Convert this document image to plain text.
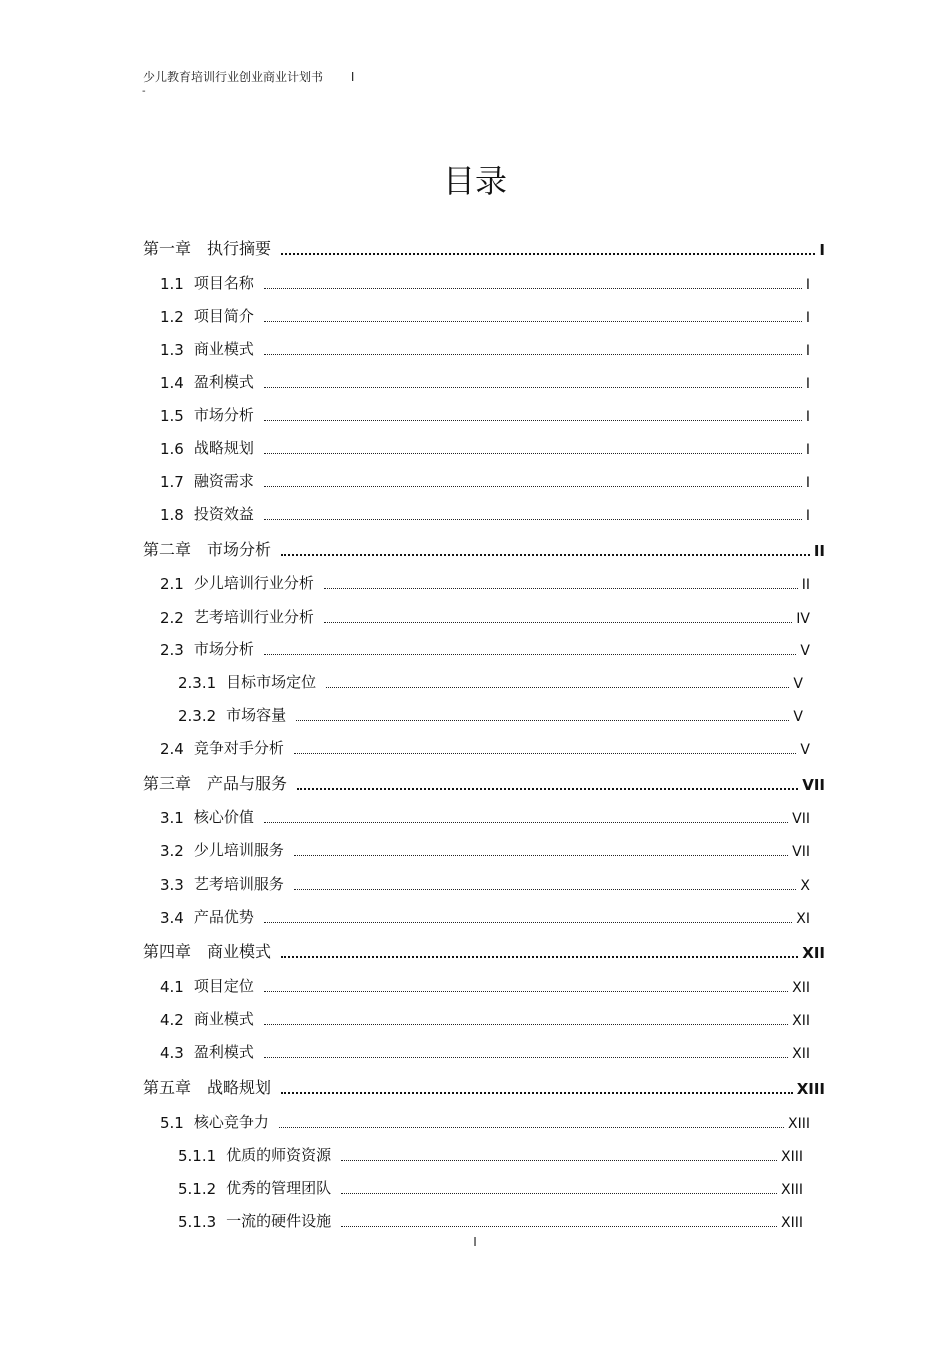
少儿教育培训行业创业商业计划书 I
-
目录
第一章 执行摘要	I
1.1 项目名称	I
1.2 项目简介	I
1.3 商业模式	I
1.4 盈利模式	I
1.5 市场分析	I
1.6 战略规划	I
1.7 融资需求	I
1.8 投资效益	I
第二章 市场分析	II
2.1 少儿培训行业分析	II
2.2 艺考培训行业分析	IV
2.3 市场分析	V
2.3.1 目标市场定位	V
2.3.2 市场容量	V
2.4 竞争对手分析	V
第三章 产品与服务	VII
3.1 核心价值	VII
3.2 少儿培训服务	VII
3.3 艺考培训服务	X
3.4 产品优势	XI
第四章 商业模式	XII
4.1 项目定位	XII
4.2 商业模式	XII
4.3 盈利模式	XII
第五章 战略规划	XIII
5.1 核心竞争力	XIII
5.1.1 优质的师资资源	XIII
5.1.2 优秀的管理团队	XIII
5.1.3 一流的硬件设施	XIII
I
